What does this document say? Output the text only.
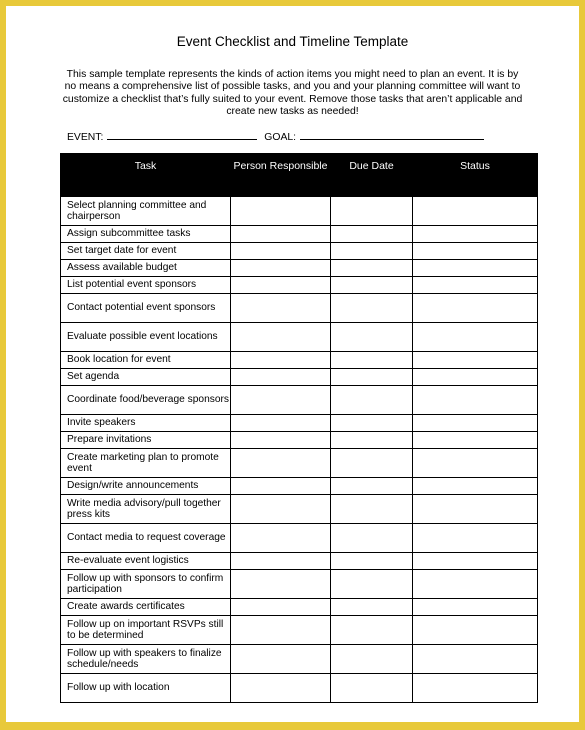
Event Checklist and Timeline Template
This sample template represents the kinds of action items you might need to plan an event. It is by no means a comprehensive list of possible tasks, and you and your planning committee will want to customize a checklist that’s fully suited to your event. Remove those tasks that aren’t applicable and create new tasks as needed!
EVENT:	GOAL:
Task	Person Responsible	Due Date	Status
Select planning committee and chairperson			
Assign subcommittee tasks			
Set target date for event			
Assess available budget			
List potential event sponsors			
Contact potential event sponsors			
Evaluate possible event locations			
Book location for event			
Set agenda			
Coordinate food/beverage sponsors			
Invite speakers			
Prepare invitations			
Create marketing plan to promote event			
Design/write announcements			
Write media advisory/pull together press kits			
Contact media to request coverage			
Re-evaluate event logistics			
Follow up with sponsors to confirm participation			
Create awards certificates			
Follow up on important RSVPs still to be determined			
Follow up with speakers to finalize schedule/needs			
Follow up with location			
